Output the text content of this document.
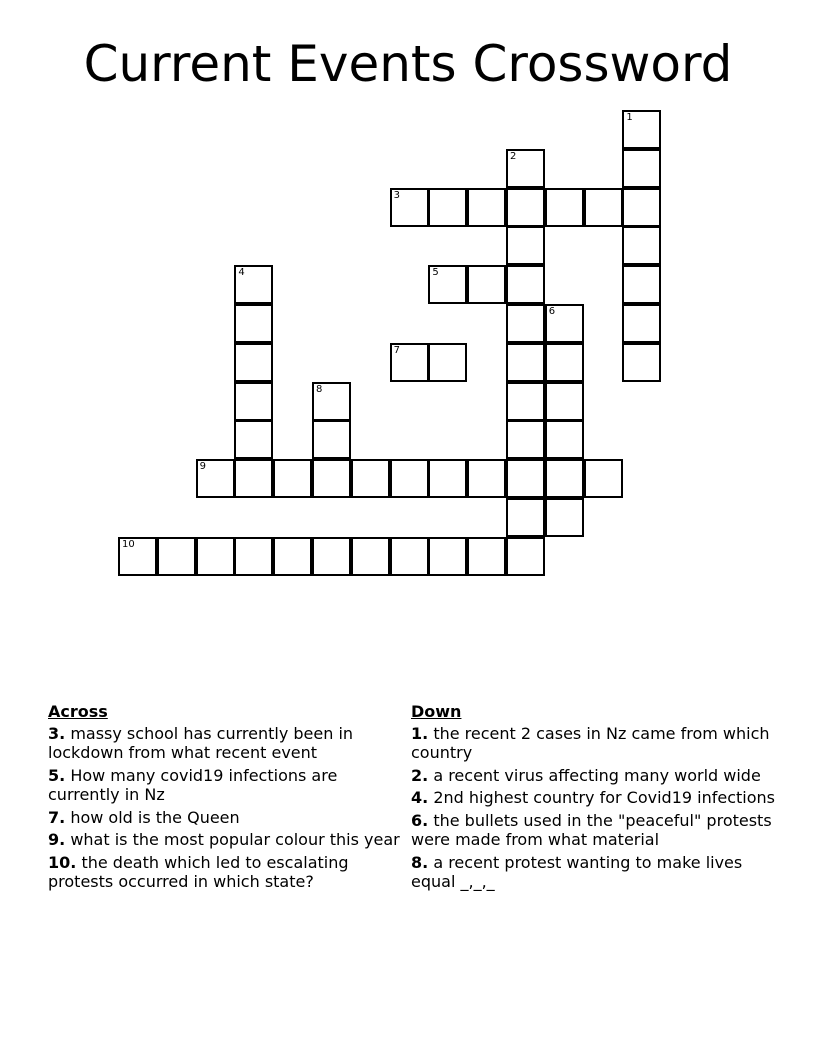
Current Events Crossword
1
2
3
4	5
6
7
8
9
10
Across
3. massy school has currently been in lockdown from what recent event
5. How many covid19 infections are currently in Nz
7. how old is the Queen
9. what is the most popular colour this year
10. the death which led to escalating protests occurred in which state?
Down
1. the recent 2 cases in Nz came from which country
2. a recent virus affecting many world wide
4. 2nd highest country for Covid19 infections
6. the bullets used in the "peaceful" protests were made from what material
8. a recent protest wanting to make lives equal _,_,_
